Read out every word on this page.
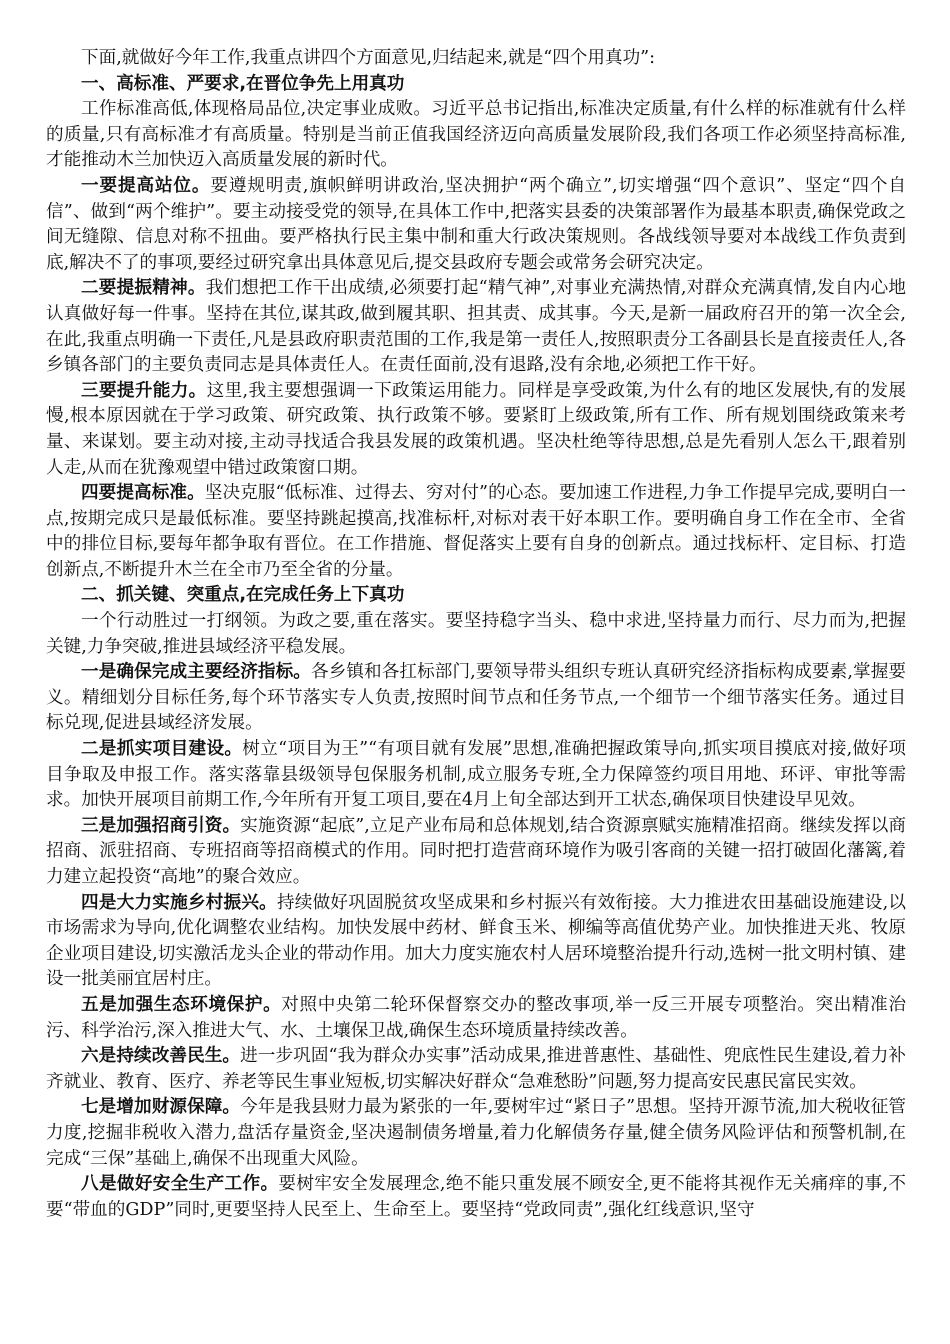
下面,就做好今年工作,我重点讲四个方面意见,归结起来,就是“四个用真功”:

一、高标准、严要求,在晋位争先上用真功

工作标准高低,体现格局品位,决定事业成败。习近平总书记指出,标准决定质量,有什么样的标准就有什么样的质量,只有高标准才有高质量。特别是当前正值我国经济迈向高质量发展阶段,我们各项工作必须坚持高标准,才能推动木兰加快迈入高质量发展的新时代。

一要提高站位。要遵规明责,旗帜鲜明讲政治,坚决拥护“两个确立”,切实增强“四个意识”、坚定“四个自信”、做到“两个维护”。要主动接受党的领导,在具体工作中,把落实县委的决策部署作为最基本职责,确保党政之间无缝隙、信息对称不扭曲。要严格执行民主集中制和重大行政决策规则。各战线领导要对本战线工作负责到底,解决不了的事项,要经过研究拿出具体意见后,提交县政府专题会或常务会研究决定。

二要提振精神。我们想把工作干出成绩,必须要打起“精气神”,对事业充满热情,对群众充满真情,发自内心地认真做好每一件事。坚持在其位,谋其政,做到履其职、担其责、成其事。今天,是新一届政府召开的第一次全会,在此,我重点明确一下责任,凡是县政府职责范围的工作,我是第一责任人,按照职责分工各副县长是直接责任人,各乡镇各部门的主要负责同志是具体责任人。在责任面前,没有退路,没有余地,必须把工作干好。

三要提升能力。这里,我主要想强调一下政策运用能力。同样是享受政策,为什么有的地区发展快,有的发展慢,根本原因就在于学习政策、研究政策、执行政策不够。要紧盯上级政策,所有工作、所有规划围绕政策来考量、来谋划。要主动对接,主动寻找适合我县发展的政策机遇。坚决杜绝等待思想,总是先看别人怎么干,跟着别人走,从而在犹豫观望中错过政策窗口期。

四要提高标准。坚决克服“低标准、过得去、穷对付”的心态。要加速工作进程,力争工作提早完成,要明白一点,按期完成只是最低标准。要坚持跳起摸高,找准标杆,对标对表干好本职工作。要明确自身工作在全市、全省中的排位目标,要每年都争取有晋位。在工作措施、督促落实上要有自身的创新点。通过找标杆、定目标、打造创新点,不断提升木兰在全市乃至全省的分量。

二、抓关键、突重点,在完成任务上下真功

一个行动胜过一打纲领。为政之要,重在落实。要坚持稳字当头、稳中求进,坚持量力而行、尽力而为,把握关键,力争突破,推进县域经济平稳发展。

一是确保完成主要经济指标。各乡镇和各扛标部门,要领导带头组织专班认真研究经济指标构成要素,掌握要义。精细划分目标任务,每个环节落实专人负责,按照时间节点和任务节点,一个细节一个细节落实任务。通过目标兑现,促进县域经济发展。

二是抓实项目建设。树立“项目为王”“有项目就有发展”思想,准确把握政策导向,抓实项目摸底对接,做好项目争取及申报工作。落实落靠县级领导包保服务机制,成立服务专班,全力保障签约项目用地、环评、审批等需求。加快开展项目前期工作,今年所有开复工项目,要在4月上旬全部达到开工状态,确保项目快建设早见效。

三是加强招商引资。实施资源“起底”,立足产业布局和总体规划,结合资源禀赋实施精准招商。继续发挥以商招商、派驻招商、专班招商等招商模式的作用。同时把打造营商环境作为吸引客商的关键一招打破固化藩篱,着力建立起投资“高地”的聚合效应。

四是大力实施乡村振兴。持续做好巩固脱贫攻坚成果和乡村振兴有效衔接。大力推进农田基础设施建设,以市场需求为导向,优化调整农业结构。加快发展中药材、鲜食玉米、柳编等高值优势产业。加快推进天兆、牧原企业项目建设,切实激活龙头企业的带动作用。加大力度实施农村人居环境整治提升行动,选树一批文明村镇、建设一批美丽宜居村庄。

五是加强生态环境保护。对照中央第二轮环保督察交办的整改事项,举一反三开展专项整治。突出精准治污、科学治污,深入推进大气、水、土壤保卫战,确保生态环境质量持续改善。

六是持续改善民生。进一步巩固“我为群众办实事”活动成果,推进普惠性、基础性、兜底性民生建设,着力补齐就业、教育、医疗、养老等民生事业短板,切实解决好群众“急难愁盼”问题,努力提高安民惠民富民实效。

七是增加财源保障。今年是我县财力最为紧张的一年,要树牢过“紧日子”思想。坚持开源节流,加大税收征管力度,挖掘非税收入潜力,盘活存量资金,坚决遏制债务增量,着力化解债务存量,健全债务风险评估和预警机制,在完成“三保”基础上,确保不出现重大风险。

八是做好安全生产工作。要树牢安全发展理念,绝不能只重发展不顾安全,更不能将其视作无关痛痒的事,不要“带血的GDP”同时,更要坚持人民至上、生命至上。要坚持“党政同责”,强化红线意识,坚守
